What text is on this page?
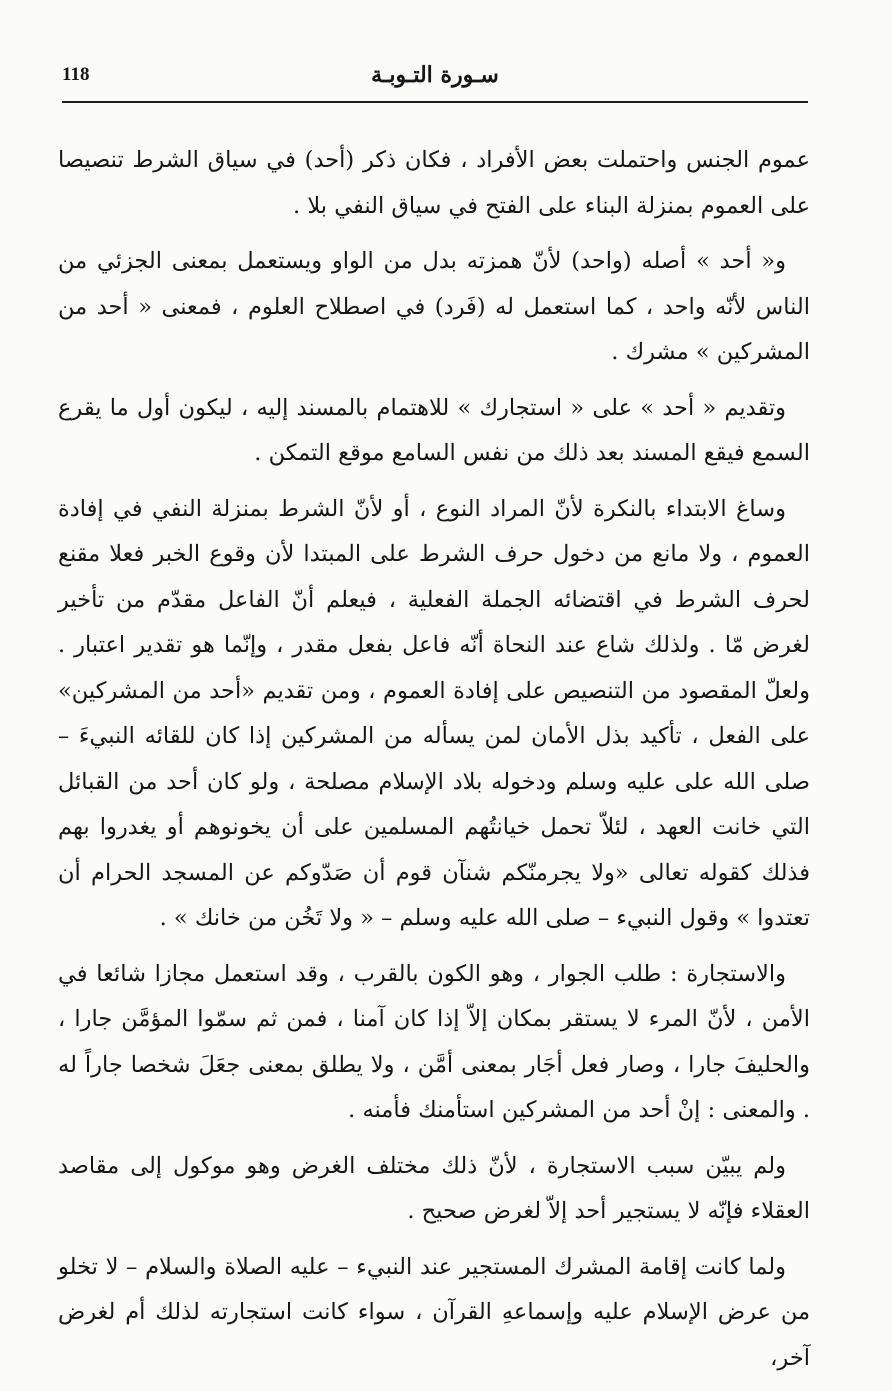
118	سـورة التـوبـة

عموم الجنس واحتملت بعض الأفراد ، فكان ذكر (أحد) في سياق الشرط تنصيصا على العموم بمنزلة البناء على الفتح في سياق النفي بلا .

و« أحد » أصله (واحد) لأنّ همزته بدل من الواو ويستعمل بمعنى الجزئي من الناس لأنّه واحد ، كما استعمل له (فَرد) في اصطلاح العلوم ، فمعنى « أحد من المشركين » مشرك .

وتقديم « أحد » على « استجارك » للاهتمام بالمسند إليه ، ليكون أول ما يقرع السمع فيقع المسند بعد ذلك من نفس السامع موقع التمكن .

وساغ الابتداء بالنكرة لأنّ المراد النوع ، أو لأنّ الشرط بمنزلة النفي في إفادة العموم ، ولا مانع من دخول حرف الشرط على المبتدا لأن وقوع الخبر فعلا مقنع لحرف الشرط في اقتضائه الجملة الفعلية ، فيعلم أنّ الفاعل مقدّم من تأخير لغرض مّا . ولذلك شاع عند النحاة أنّه فاعل بفعل مقدر ، وإنّما هو تقدير اعتبار . ولعلّ المقصود من التنصيص على إفادة العموم ، ومن تقديم «أحد من المشركين» على الفعل ، تأكيد بذل الأمان لمن يسأله من المشركين إذا كان للقائه النبيءَ – صلى الله على عليه وسلم ودخوله بلاد الإسلام مصلحة ، ولو كان أحد من القبائل التي خانت العهد ، لئلاّ تحمل خيانتُهم المسلمين على أن يخونوهم أو يغدروا بهم فذلك كقوله تعالى «ولا يجرمنّكم شنآن قوم أن صَدّوكم عن المسجد الحرام أن تعتدوا » وقول النبيء – صلى الله عليه وسلم – « ولا تَخُن من خانك » .

والاستجارة : طلب الجوار ، وهو الكون بالقرب ، وقد استعمل مجازا شائعا في الأمن ، لأنّ المرء لا يستقر بمكان إلاّ إذا كان آمنا ، فمن ثم سمّوا المؤمَّن جارا ، والحليفَ جارا ، وصار فعل أجَار بمعنى أمَّن ، ولا يطلق بمعنى جعَلَ شخصا جاراً له . والمعنى : إنْ أحد من المشركين استأمنك فأمنه .

ولم يبيّن سبب الاستجارة ، لأنّ ذلك مختلف الغرض وهو موكول إلى مقاصد العقلاء فإنّه لا يستجير أحد إلاّ لغرض صحيح .

ولما كانت إقامة المشرك المستجير عند النبيء – عليه الصلاة والسلام – لا تخلو من عرض الإسلام عليه وإسماعهِ القرآن ، سواء كانت استجارته لذلك أم لغرض آخر،
